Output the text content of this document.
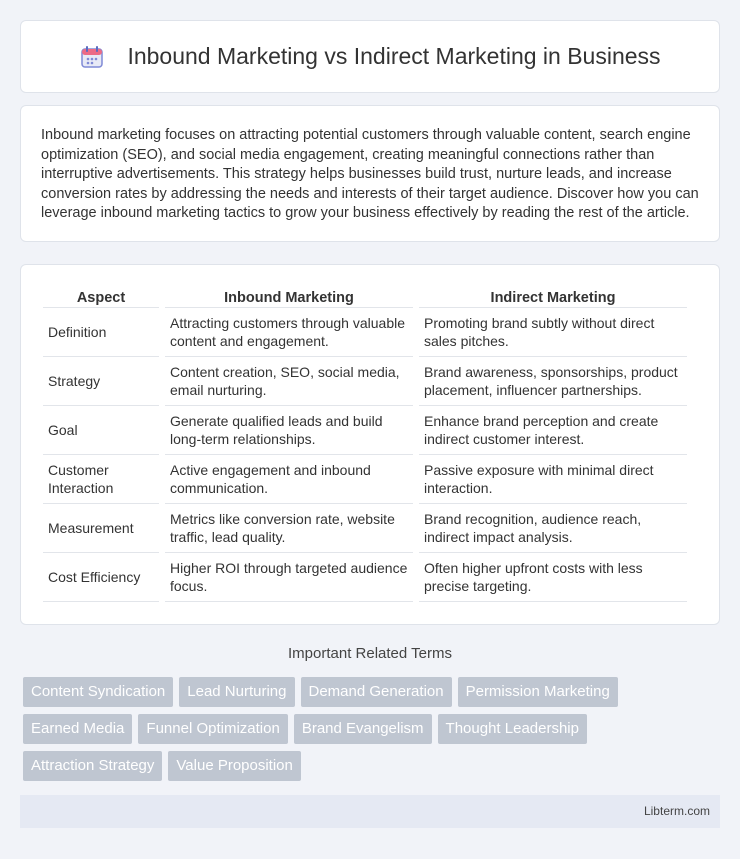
Inbound Marketing vs Indirect Marketing in Business

Inbound marketing focuses on attracting potential customers through valuable content, search engine optimization (SEO), and social media engagement, creating meaningful connections rather than interruptive advertisements. This strategy helps businesses build trust, nurture leads, and increase conversion rates by addressing the needs and interests of their target audience. Discover how you can leverage inbound marketing tactics to grow your business effectively by reading the rest of the article.

Aspect	Inbound Marketing	Indirect Marketing
Definition	Attracting customers through valuable content and engagement.	Promoting brand subtly without direct sales pitches.
Strategy	Content creation, SEO, social media, email nurturing.	Brand awareness, sponsorships, product placement, influencer partnerships.
Goal	Generate qualified leads and build long-term relationships.	Enhance brand perception and create indirect customer interest.
Customer Interaction	Active engagement and inbound communication.	Passive exposure with minimal direct interaction.
Measurement	Metrics like conversion rate, website traffic, lead quality.	Brand recognition, audience reach, indirect impact analysis.
Cost Efficiency	Higher ROI through targeted audience focus.	Often higher upfront costs with less precise targeting.
Important Related Terms
Content Syndication	Lead Nurturing	Demand Generation	Permission Marketing
Earned Media	Funnel Optimization	Brand Evangelism	Thought Leadership
Attraction Strategy	Value Proposition
Libterm.com
